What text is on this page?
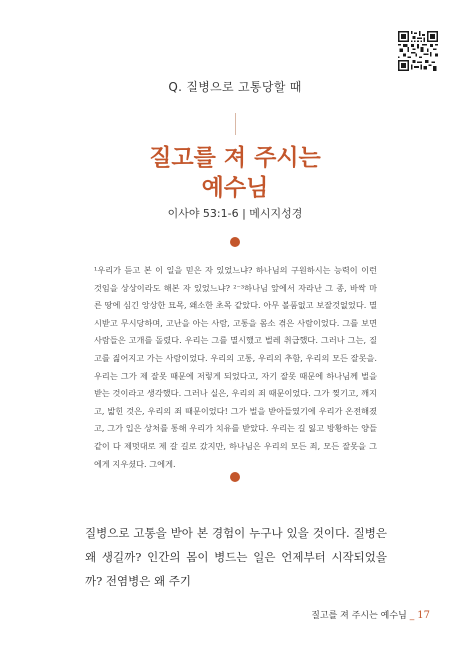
Q. 질병으로 고통당할 때
질고를 져 주시는
예수님
이사야 53:1-6 | 메시지성경
¹우리가 듣고 본 이 일을 믿은 자 있었느냐? 하나님의 구원하시는 능력이 이런 것임을 상상이라도 해본 자 있었느냐? ²⁻³하나님 앞에서 자라난 그 종, 바싹 마른 땅에 심긴 앙상한 묘목, 왜소한 초목 같았다. 아무 볼품없고 보잘것없었다. 멸시받고 무시당하며, 고난을 아는 사람, 고통을 몸소 겪은 사람이었다. 그를 보면 사람들은 고개를 돌렸다. 우리는 그를 멸시했고 벌레 취급했다. 그러나 그는, 질고를 짊어지고 가는 사람이었다. 우리의 고통, 우리의 추함, 우리의 모든 잘못을. 우리는 그가 제 잘못 때문에 저렇게 되었다고, 자기 잘못 때문에 하나님께 벌을 받는 것이라고 생각했다. 그러나 실은, 우리의 죄 때문이었다. 그가 찢기고, 깨지고, 밟힌 것은, 우리의 죄 때문이었다! 그가 벌을 받아들였기에 우리가 온전해졌고, 그가 입은 상처를 통해 우리가 치유를 받았다. 우리는 길 잃고 방황하는 양들같이 다 제멋대로 제 갈 길로 갔지만, 하나님은 우리의 모든 죄, 모든 잘못을 그에게 지우셨다. 그에게.
질병으로 고통을 받아 본 경험이 누구나 있을 것이다. 질병은 왜 생길까? 인간의 몸이 병드는 일은 언제부터 시작되었을까? 전염병은 왜 주기
질고를 져 주시는 예수님 _ 17
